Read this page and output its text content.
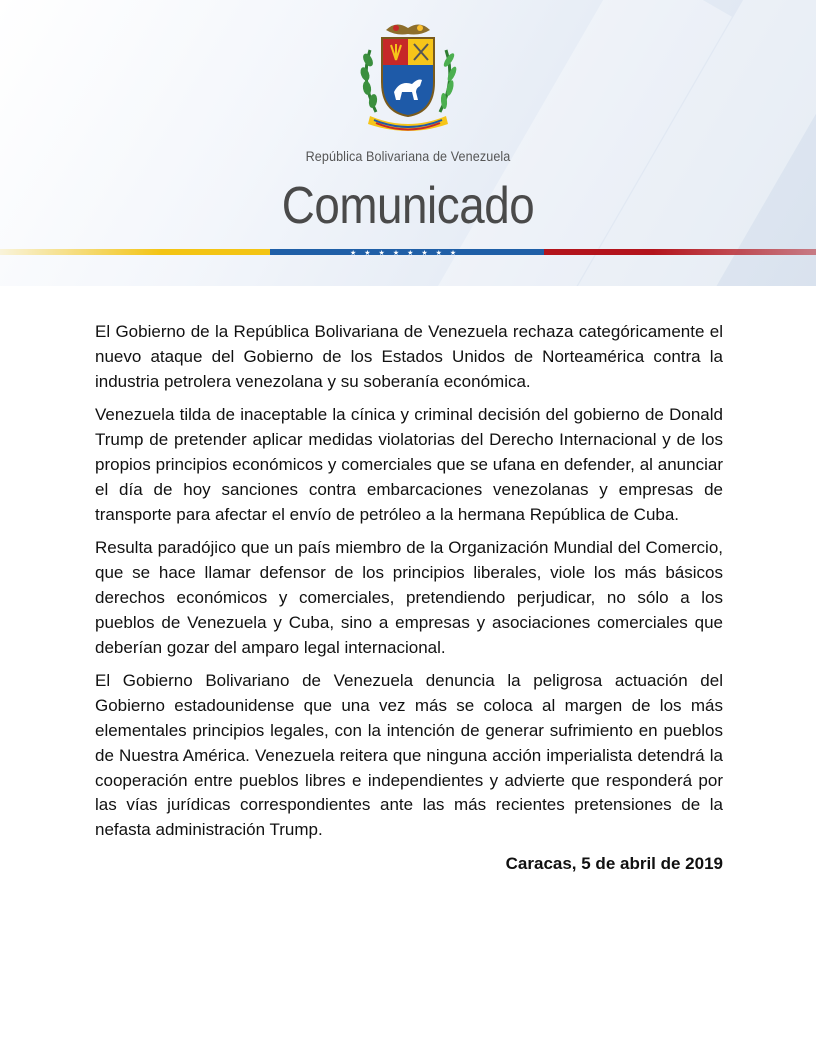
República Bolivariana de Venezuela
Comunicado
★★★★★★★★

El Gobierno de la República Bolivariana de Venezuela rechaza categóricamente el nuevo ataque del Gobierno de los Estados Unidos de Norteamérica contra la industria petrolera venezolana y su soberanía económica.

Venezuela tilda de inaceptable la cínica y criminal decisión del gobierno de Donald Trump de pretender aplicar medidas violatorias del Derecho Internacional y de los propios principios económicos y comerciales que se ufana en defender, al anunciar el día de hoy sanciones contra embarcaciones venezolanas y empresas de transporte para afectar el envío de petróleo a la hermana República de Cuba.

Resulta paradójico que un país miembro de la Organización Mundial del Comercio, que se hace llamar defensor de los principios liberales, viole los más básicos derechos económicos y comerciales, pretendiendo perjudicar, no sólo a los pueblos de Venezuela y Cuba, sino a empresas y asociaciones comerciales que deberían gozar del amparo legal internacional.

El Gobierno Bolivariano de Venezuela denuncia la peligrosa actuación del Gobierno estadounidense que una vez más se coloca al margen de los más elementales principios legales, con la intención de generar sufrimiento en pueblos de Nuestra América. Venezuela reitera que ninguna acción imperialista detendrá la cooperación entre pueblos libres e independientes y advierte que responderá por las vías jurídicas correspondientes ante las más recientes pretensiones de la nefasta administración Trump.

Caracas, 5 de abril de 2019
